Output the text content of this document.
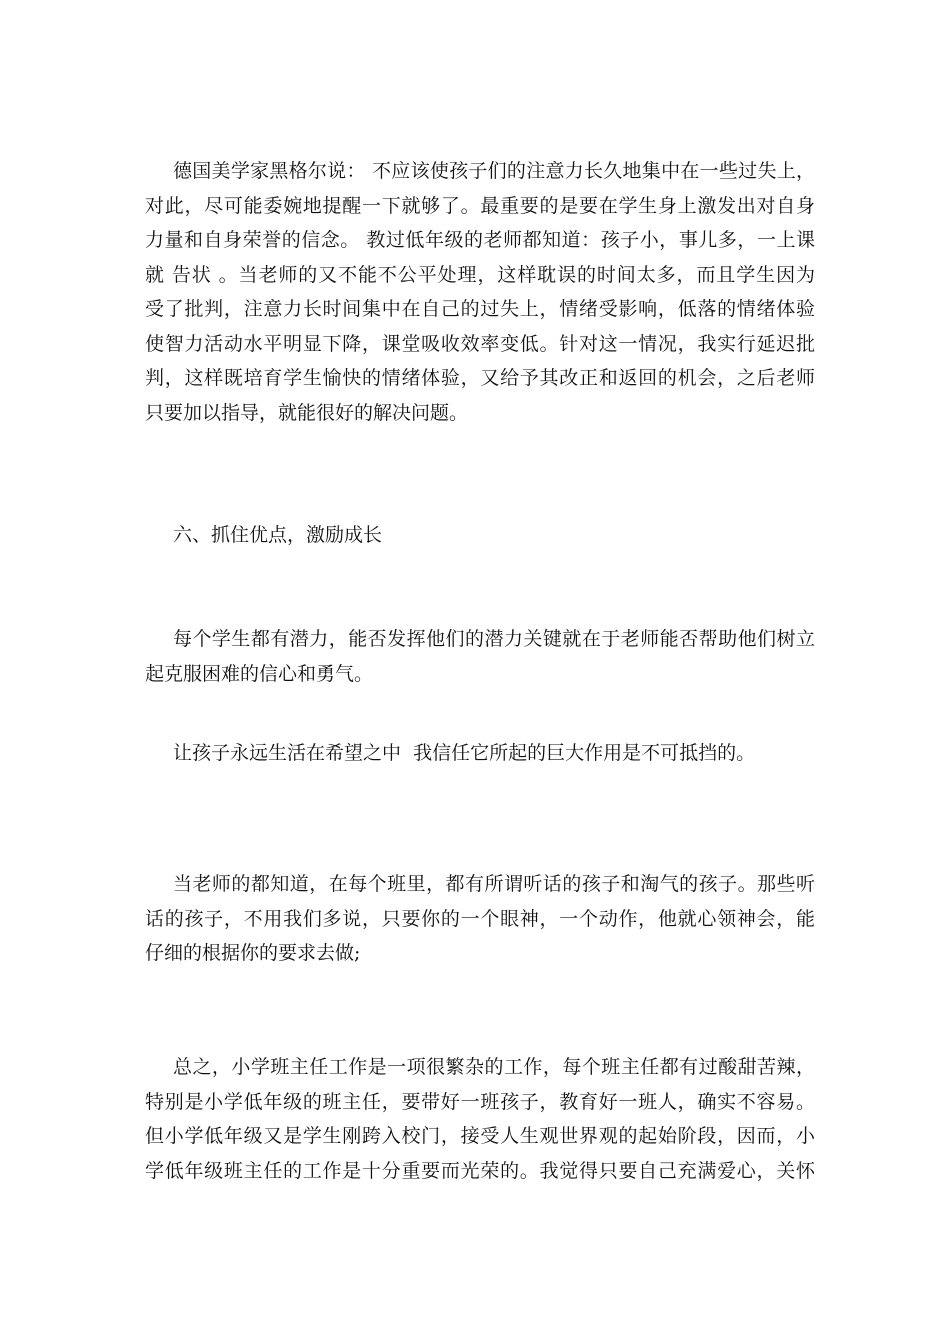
德国美学家黑格尔说： 不应该使孩子们的注意力长久地集中在一些过失上，
对此，尽可能委婉地提醒一下就够了。最重要的是要在学生身上激发出对自身
力量和自身荣誉的信念。 教过低年级的老师都知道：孩子小，事儿多，一上课
就 告状 。当老师的又不能不公平处理，这样耽误的时间太多，而且学生因为
受了批判，注意力长时间集中在自己的过失上，情绪受影响，低落的情绪体验
使智力活动水平明显下降，课堂吸收效率变低。针对这一情况，我实行延迟批
判，这样既培育学生愉快的情绪体验，又给予其改正和返回的机会，之后老师
只要加以指导，就能很好的解决问题。
六、抓住优点，激励成长
每个学生都有潜力，能否发挥他们的潜力关键就在于老师能否帮助他们树立
起克服困难的信心和勇气。
让孩子永远生活在希望之中  我信任它所起的巨大作用是不可抵挡的。
当老师的都知道，在每个班里，都有所谓听话的孩子和淘气的孩子。那些听
话的孩子，不用我们多说，只要你的一个眼神，一个动作，他就心领神会，能
仔细的根据你的要求去做;
总之，小学班主任工作是一项很繁杂的工作，每个班主任都有过酸甜苦辣，
特别是小学低年级的班主任，要带好一班孩子，教育好一班人，确实不容易。
但小学低年级又是学生刚跨入校门，接受人生观世界观的起始阶段，因而，小
学低年级班主任的工作是十分重要而光荣的。我觉得只要自己充满爱心，关怀
